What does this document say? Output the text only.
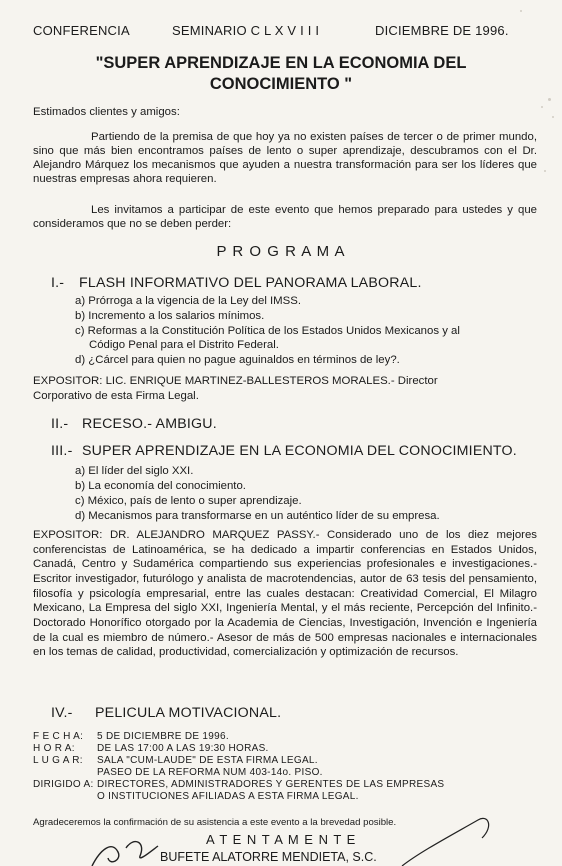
CONFERENCIA	SEMINARIO C L X V I I I	DICIEMBRE DE 1996.
"SUPER APRENDIZAJE EN LA ECONOMIA DEL
CONOCIMIENTO "
Estimados clientes y amigos:

Partiendo de la premisa de que hoy ya no existen países de tercer o de primer mundo, sino que más bien encontramos países de lento o super aprendizaje, descubramos con el Dr. Alejandro Márquez los mecanismos que ayuden a nuestra transformación para ser los líderes que nuestras empresas ahora requieren.

Les invitamos a participar de este evento que hemos preparado para ustedes y que consideramos que no se deben perder:

P R O G R A M A
I.- FLASH INFORMATIVO DEL PANORAMA LABORAL.
a) Prórroga a la vigencia de la Ley del IMSS.
b) Incremento a los salarios mínimos.
c) Reformas a la Constitución Política de los Estados Unidos Mexicanos y al
Código Penal para el Distrito Federal.
d) ¿Cárcel para quien no pague aguinaldos en términos de ley?.
EXPOSITOR: LIC. ENRIQUE MARTINEZ-BALLESTEROS MORALES.- Director
Corporativo de esta Firma Legal.
II.- RECESO.- AMBIGU.
III.- SUPER APRENDIZAJE EN LA ECONOMIA DEL CONOCIMIENTO.
a) El líder del siglo XXI.
b) La economía del conocimiento.
c) México, país de lento o super aprendizaje.
d) Mecanismos para transformarse en un auténtico líder de su empresa.

EXPOSITOR: DR. ALEJANDRO MARQUEZ PASSY.- Considerado uno de los diez mejores conferencistas de Latinoamérica, se ha dedicado a impartir conferencias en Estados Unidos, Canadá, Centro y Sudamérica compartiendo sus experiencias profesionales e investigaciones.- Escritor investigador, futurólogo y analista de macrotendencias, autor de 63 tesis del pensamiento, filosofía y psicología empresarial, entre las cuales destacan: Creatividad Comercial, El Milagro Mexicano, La Empresa del siglo XXI, Ingeniería Mental, y el más reciente, Percepción del Infinito.- Doctorado Honorífico otorgado por la Academia de Ciencias, Investigación, Invención e Ingeniería de la cual es miembro de número.- Asesor de más de 500 empresas nacionales e internacionales en los temas de calidad, productividad, comercialización y optimización de recursos.

IV.- PELICULA MOTIVACIONAL.
F E C H A: 5 DE DICIEMBRE DE 1996.
H O R A: DE LAS 17:00 A LAS 19:30 HORAS.
L U G A R: SALA "CUM-LAUDE" DE ESTA FIRMA LEGAL.
PASEO DE LA REFORMA NUM 403-14o. PISO.
DIRIGIDO A: DIRECTORES, ADMINISTRADORES Y GERENTES DE LAS EMPRESAS
O INSTITUCIONES AFILIADAS A ESTA FIRMA LEGAL.
Agradeceremos la confirmación de su asistencia a este evento a la brevedad posible.
A T E N T A M E N T E
BUFETE ALATORRE MENDIETA, S.C.
